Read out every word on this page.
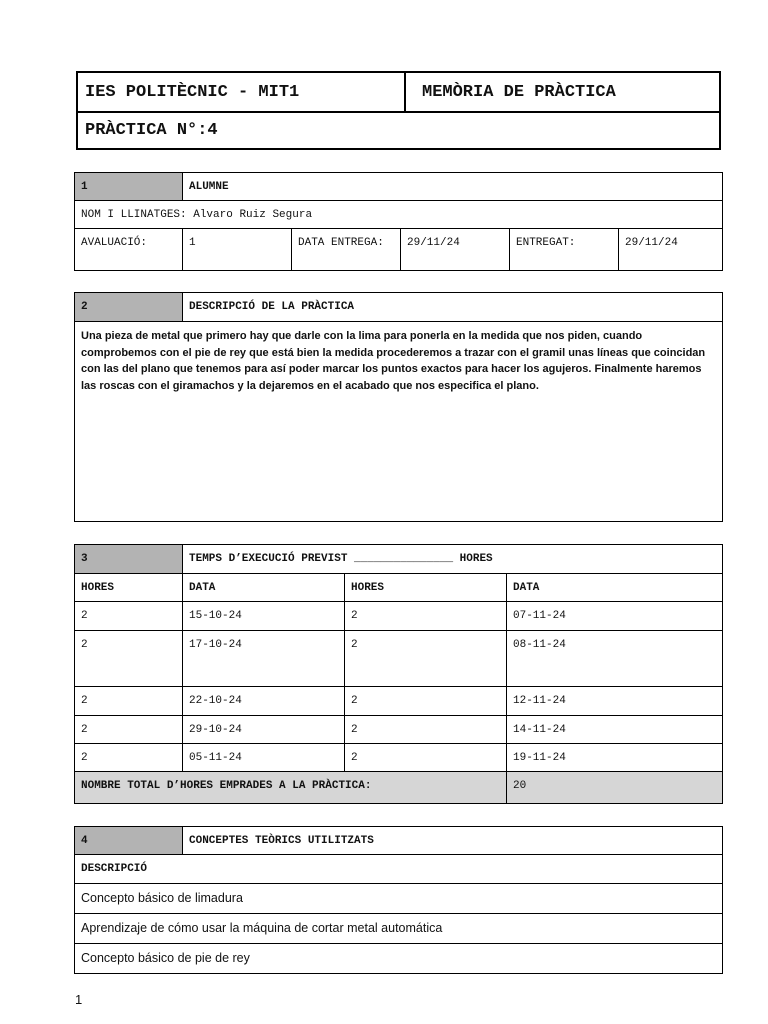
IES POLITÈCNIC - MIT1	MEMÒRIA DE PRÀCTICA
PRÀCTICA N°:4
1	ALUMNE				
NOM I LLINATGES: Alvaro Ruiz Segura					
AVALUACIÓ:	1	DATA ENTREGA:	29/11/24	ENTREGAT:	29/11/24
2	DESCRIPCIÓ DE LA PRÀCTICA
Una pieza de metal que primero hay que darle con la lima para ponerla en la medida que nos piden, cuando comprobemos con el pie de rey que está bien la medida procederemos a trazar con el gramil unas líneas que coincidan con las del plano que tenemos para así poder marcar los puntos exactos para hacer los agujeros. Finalmente haremos las roscas con el giramachos y la dejaremos en el acabado que nos especifica el plano.
3	TEMPS D’EXECUCIÓ PREVIST _______________ HORES		
HORES	DATA	HORES	DATA
2	15-10-24	2	07-11-24
2	17-10-24	2	08-11-24
2	22-10-24	2	12-11-24
2	29-10-24	2	14-11-24
2	05-11-24	2	19-11-24
NOMBRE TOTAL D’HORES EMPRADES A LA PRÀCTICA:			20
4	CONCEPTES TEÒRICS UTILITZATS
DESCRIPCIÓ
Concepto básico de limadura
Aprendizaje de cómo usar la máquina de cortar metal automática
Concepto básico de pie de rey
1
